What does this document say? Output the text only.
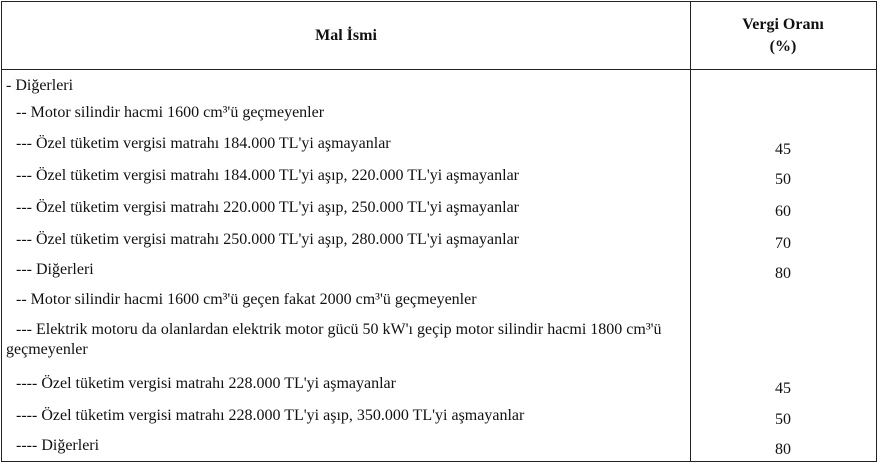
Mal İsmi
Vergi Oranı
(%)
- Diğerleri
-- Motor silindir hacmi 1600 cm³'ü geçmeyenler
--- Özel tüketim vergisi matrahı 184.000 TL'yi aşmayanlar	45
--- Özel tüketim vergisi matrahı 184.000 TL'yi aşıp, 220.000 TL'yi aşmayanlar	50
--- Özel tüketim vergisi matrahı 220.000 TL'yi aşıp, 250.000 TL'yi aşmayanlar	60
--- Özel tüketim vergisi matrahı 250.000 TL'yi aşıp, 280.000 TL'yi aşmayanlar	70
--- Diğerleri	80
-- Motor silindir hacmi 1600 cm³'ü geçen fakat 2000 cm³'ü geçmeyenler
--- Elektrik motoru da olanlardan elektrik motor gücü 50 kW'ı geçip motor silindir hacmi 1800 cm³'ü geçmeyenler
---- Özel tüketim vergisi matrahı 228.000 TL'yi aşmayanlar	45
---- Özel tüketim vergisi matrahı 228.000 TL'yi aşıp, 350.000 TL'yi aşmayanlar	50
---- Diğerleri	80
